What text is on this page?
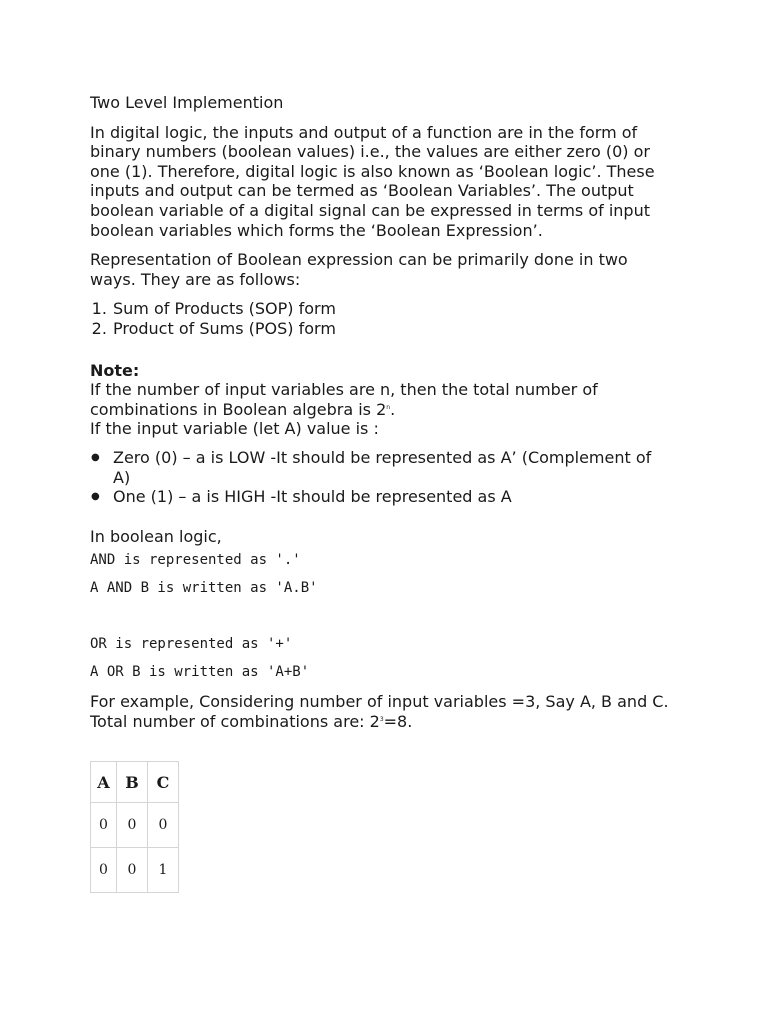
Two Level Implemention

In digital logic, the inputs and output of a function are in the form of binary numbers (boolean values) i.e., the values are either zero (0) or one (1). Therefore, digital logic is also known as ‘Boolean logic’. These inputs and output can be termed as ‘Boolean Variables’. The output boolean variable of a digital signal can be expressed in terms of input boolean variables which forms the ‘Boolean Expression’.

Representation of Boolean expression can be primarily done in two ways. They are as follows:

1. Sum of Products (SOP) form
2. Product of Sums (POS) form
Note:
If the number of input variables are n, then the total number of combinations in Boolean algebra is 2$^n$.
If the input variable (let A) value is :
● Zero (0) – a is LOW -It should be represented as A’ (Complement of A)
● One (1) – a is HIGH -It should be represented as A

In boolean logic,

AND is represented as '.'
A AND B is written as 'A.B'
OR is represented as '+'
A OR B is written as 'A+B'
For example, Considering number of input variables =3, Say A, B and C.
Total number of combinations are: $2^3=8$.
A	B	C
0	0	0
0	0	1
